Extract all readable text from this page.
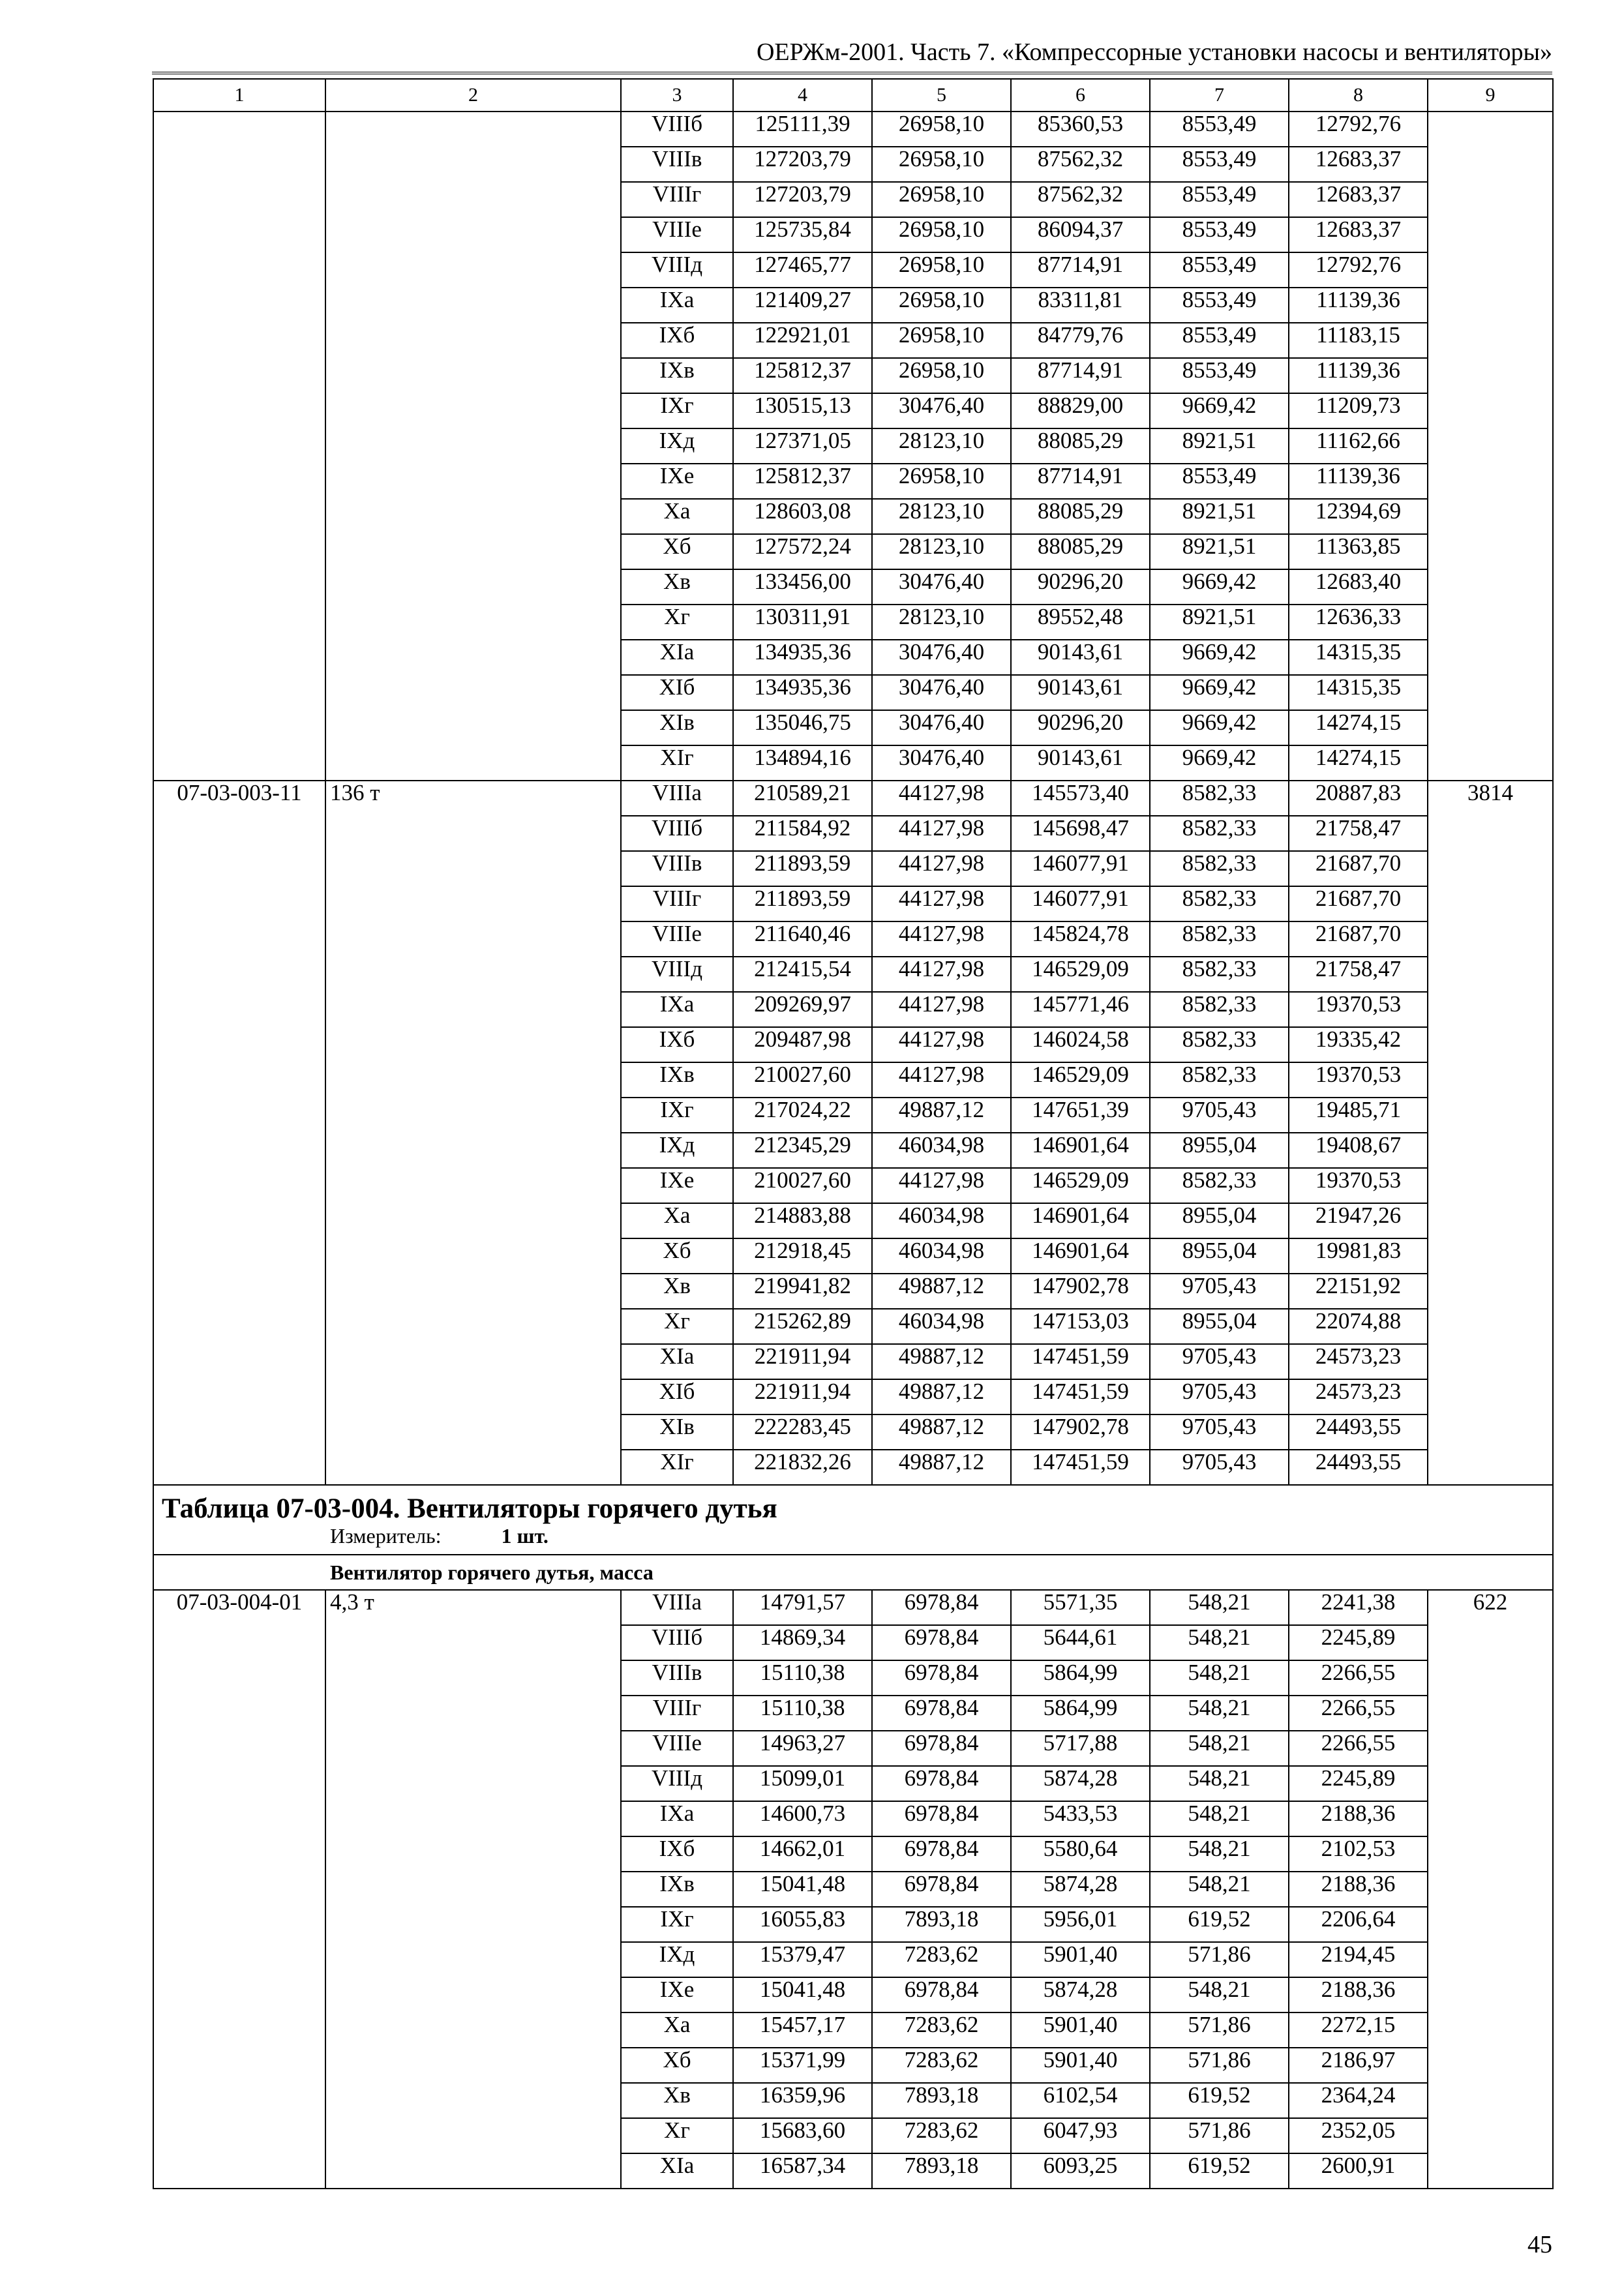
ОЕРЖм-2001. Часть 7. «Компрессорные установки насосы и вентиляторы»
1	2	3	4	5	6	7	8	9
		VIIIб	125111,39	26958,10	85360,53	8553,49	12792,76	
		VIIIв	127203,79	26958,10	87562,32	8553,49	12683,37	
		VIIIг	127203,79	26958,10	87562,32	8553,49	12683,37	
		VIIIе	125735,84	26958,10	86094,37	8553,49	12683,37	
		VIIIд	127465,77	26958,10	87714,91	8553,49	12792,76	
		IXа	121409,27	26958,10	83311,81	8553,49	11139,36	
		IXб	122921,01	26958,10	84779,76	8553,49	11183,15	
		IXв	125812,37	26958,10	87714,91	8553,49	11139,36	
		IXг	130515,13	30476,40	88829,00	9669,42	11209,73	
		IXд	127371,05	28123,10	88085,29	8921,51	11162,66	
		IXе	125812,37	26958,10	87714,91	8553,49	11139,36	
		Xа	128603,08	28123,10	88085,29	8921,51	12394,69	
		Xб	127572,24	28123,10	88085,29	8921,51	11363,85	
		Xв	133456,00	30476,40	90296,20	9669,42	12683,40	
		Xг	130311,91	28123,10	89552,48	8921,51	12636,33	
		XIа	134935,36	30476,40	90143,61	9669,42	14315,35	
		XIб	134935,36	30476,40	90143,61	9669,42	14315,35	
		XIв	135046,75	30476,40	90296,20	9669,42	14274,15	
		XIг	134894,16	30476,40	90143,61	9669,42	14274,15	
07-03-003-11	136 т	VIIIа	210589,21	44127,98	145573,40	8582,33	20887,83	3814
		VIIIб	211584,92	44127,98	145698,47	8582,33	21758,47	
		VIIIв	211893,59	44127,98	146077,91	8582,33	21687,70	
		VIIIг	211893,59	44127,98	146077,91	8582,33	21687,70	
		VIIIе	211640,46	44127,98	145824,78	8582,33	21687,70	
		VIIIд	212415,54	44127,98	146529,09	8582,33	21758,47	
		IXа	209269,97	44127,98	145771,46	8582,33	19370,53	
		IXб	209487,98	44127,98	146024,58	8582,33	19335,42	
		IXв	210027,60	44127,98	146529,09	8582,33	19370,53	
		IXг	217024,22	49887,12	147651,39	9705,43	19485,71	
		IXд	212345,29	46034,98	146901,64	8955,04	19408,67	
		IXе	210027,60	44127,98	146529,09	8582,33	19370,53	
		Xа	214883,88	46034,98	146901,64	8955,04	21947,26	
		Xб	212918,45	46034,98	146901,64	8955,04	19981,83	
		Xв	219941,82	49887,12	147902,78	9705,43	22151,92	
		Xг	215262,89	46034,98	147153,03	8955,04	22074,88	
		XIа	221911,94	49887,12	147451,59	9705,43	24573,23	
		XIб	221911,94	49887,12	147451,59	9705,43	24573,23	
		XIв	222283,45	49887,12	147902,78	9705,43	24493,55	
		XIг	221832,26	49887,12	147451,59	9705,43	24493,55	

Таблица 07-03-004. Вентиляторы горячего дутья
Измеритель: 1 шт.								

Вентилятор горячего дутья, масса								
07-03-004-01	4,3 т	VIIIа	14791,57	6978,84	5571,35	548,21	2241,38	622
		VIIIб	14869,34	6978,84	5644,61	548,21	2245,89	
		VIIIв	15110,38	6978,84	5864,99	548,21	2266,55	
		VIIIг	15110,38	6978,84	5864,99	548,21	2266,55	
		VIIIе	14963,27	6978,84	5717,88	548,21	2266,55	
		VIIIд	15099,01	6978,84	5874,28	548,21	2245,89	
		IXа	14600,73	6978,84	5433,53	548,21	2188,36	
		IXб	14662,01	6978,84	5580,64	548,21	2102,53	
		IXв	15041,48	6978,84	5874,28	548,21	2188,36	
		IXг	16055,83	7893,18	5956,01	619,52	2206,64	
		IXд	15379,47	7283,62	5901,40	571,86	2194,45	
		IXе	15041,48	6978,84	5874,28	548,21	2188,36	
		Xа	15457,17	7283,62	5901,40	571,86	2272,15	
		Xб	15371,99	7283,62	5901,40	571,86	2186,97	
		Xв	16359,96	7893,18	6102,54	619,52	2364,24	
		Xг	15683,60	7283,62	6047,93	571,86	2352,05	
		XIа	16587,34	7893,18	6093,25	619,52	2600,91	
45
